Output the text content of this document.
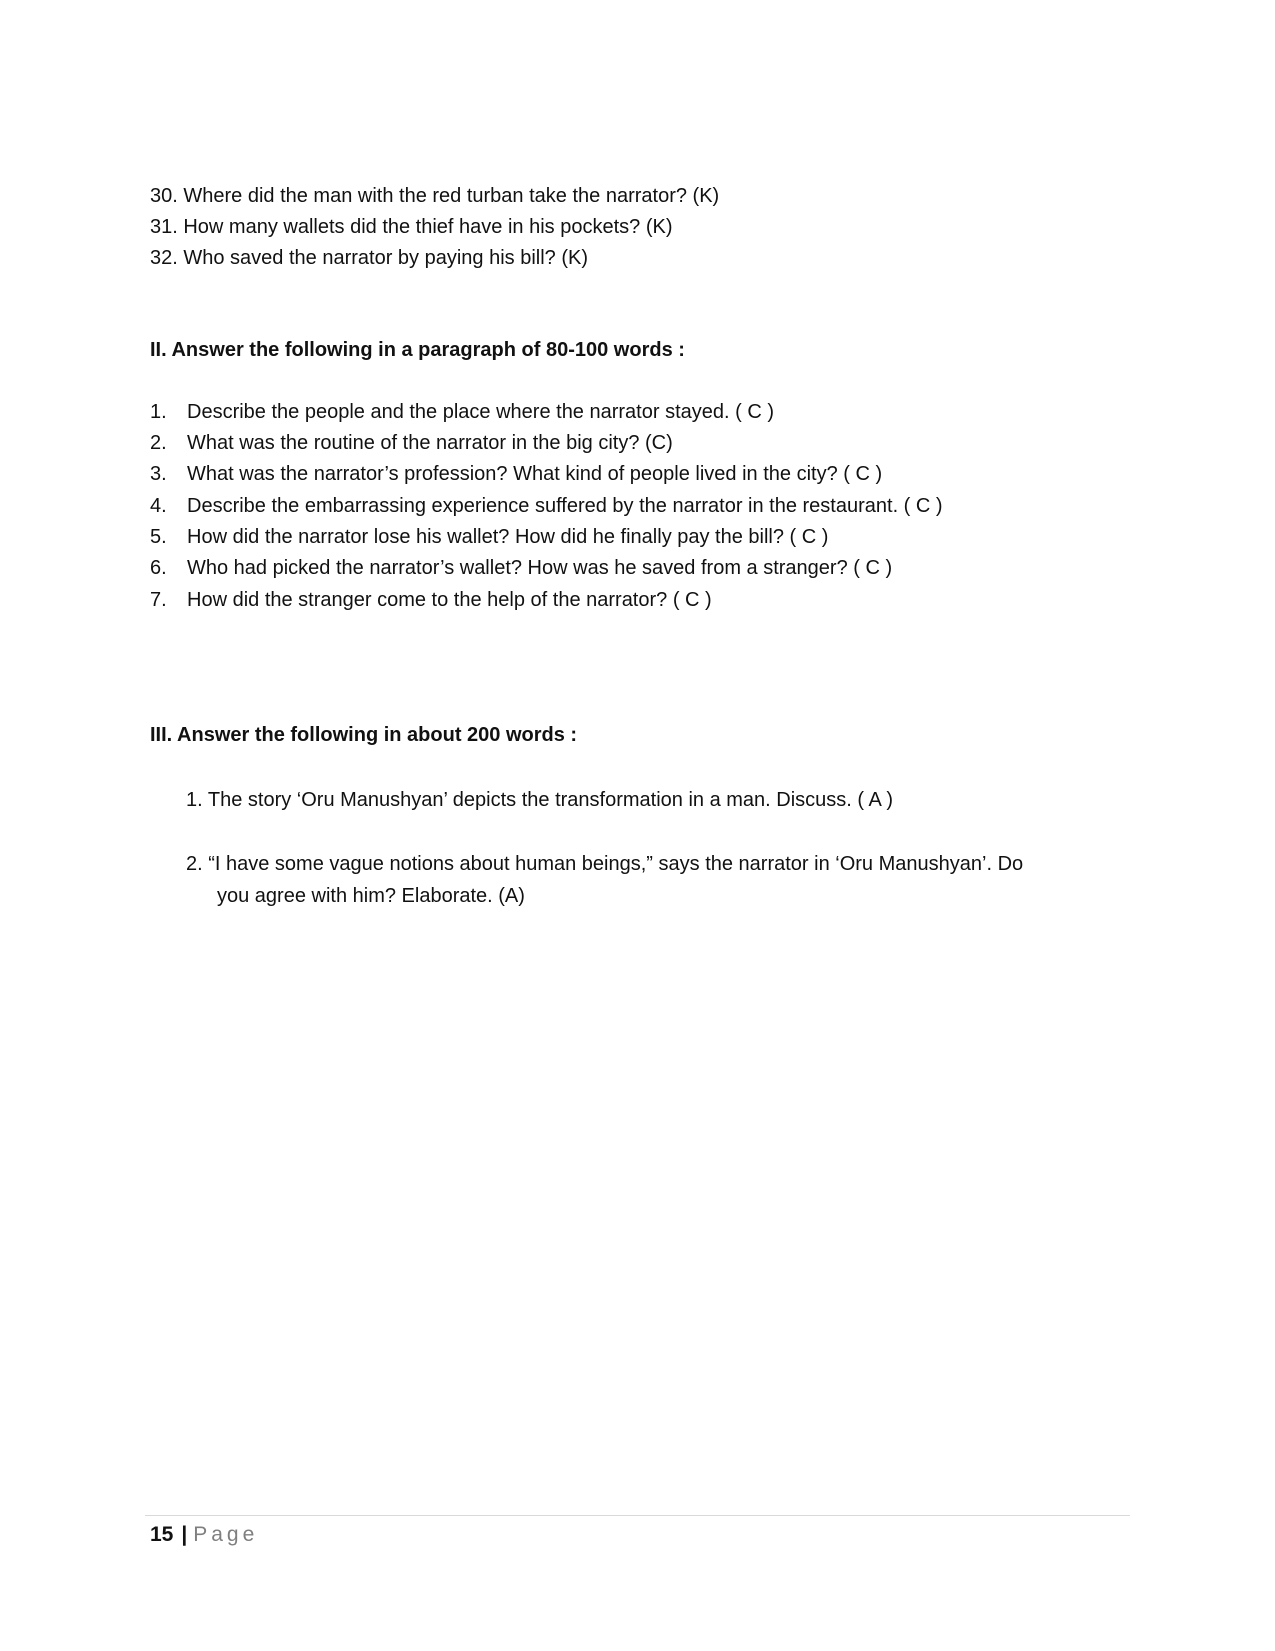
30. Where did the man with the red turban take the narrator? (K)
31. How many wallets did the thief have in his pockets? (K)
32. Who saved the narrator by paying his bill? (K)
II. Answer the following in a paragraph of 80-100 words :
1. Describe the people and the place where the narrator stayed. ( C )
2. What was the routine of the narrator in the big city? (C)
3. What was the narrator’s profession? What kind of people lived in the city? ( C )
4. Describe the embarrassing experience suffered by the narrator in the restaurant. ( C )
5. How did the narrator lose his wallet? How did he finally pay the bill? ( C )
6. Who had picked the narrator’s wallet? How was he saved from a stranger? ( C )
7. How did the stranger come to the help of the narrator? ( C )
III. Answer the following in about 200 words :
1. The story ‘Oru Manushyan’ depicts the transformation in a man. Discuss. ( A )
2. “I have some vague notions about human beings,” says the narrator in ‘Oru Manushyan’. Do
you agree with him? Elaborate. (A)
15 | Page
